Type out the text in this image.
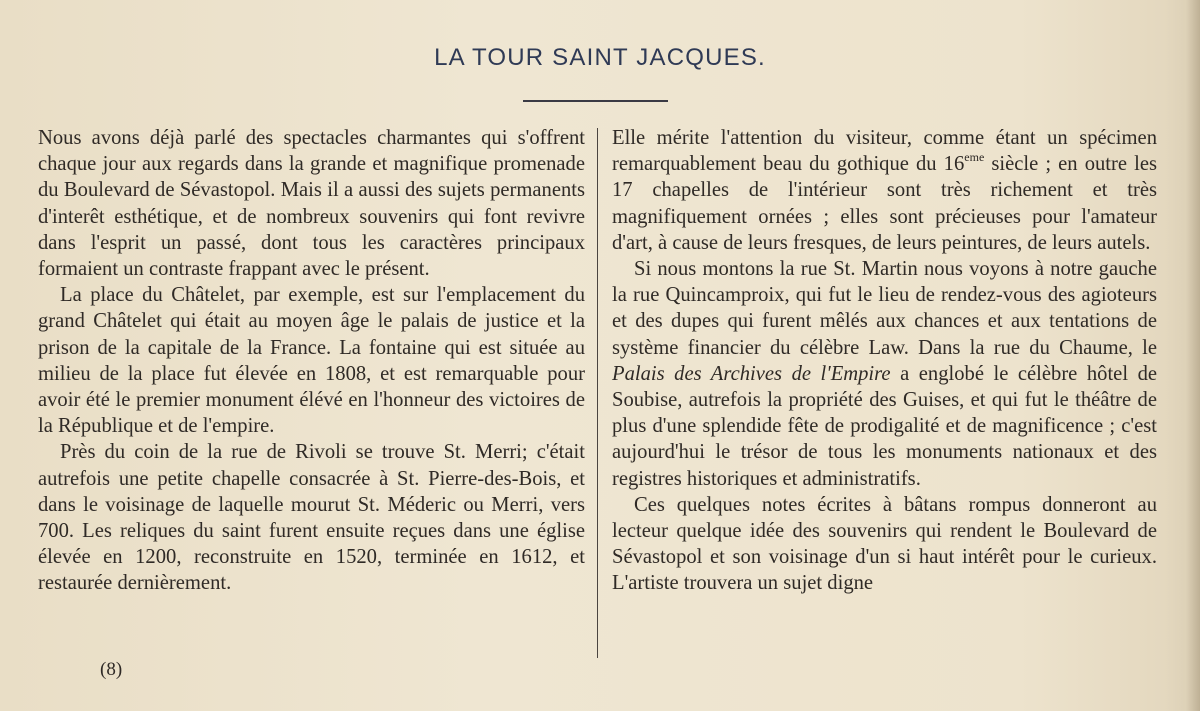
LA TOUR SAINT JACQUES.

Nous avons déjà parlé des spectacles charmantes qui s'offrent chaque jour aux regards dans la grande et magnifique promenade du Boulevard de Sévastopol. Mais il a aussi des sujets permanents d'interêt esthétique, et de nombreux souvenirs qui font revivre dans l'esprit un passé, dont tous les caractères principaux formaient un contraste frappant avec le présent.

La place du Châtelet, par exemple, est sur l'emplacement du grand Châtelet qui était au moyen âge le palais de justice et la prison de la capitale de la France. La fontaine qui est située au milieu de la place fut élevée en 1808, et est remarquable pour avoir été le premier monument élévé en l'honneur des victoires de la République et de l'empire.

Près du coin de la rue de Rivoli se trouve St. Merri; c'était autrefois une petite chapelle consacrée à St. Pierre-des-Bois, et dans le voisinage de laquelle mourut St. Méderic ou Merri, vers 700. Les reliques du saint furent ensuite reçues dans une église élevée en 1200, reconstruite en 1520, terminée en 1612, et restaurée dernièrement.

Elle mérite l'attention du visiteur, comme étant un spécimen remarquablement beau du gothique du 16eme siècle ; en outre les 17 chapelles de l'intérieur sont très richement et très magnifiquement ornées ; elles sont précieuses pour l'amateur d'art, à cause de leurs fresques, de leurs peintures, de leurs autels.

Si nous montons la rue St. Martin nous voyons à notre gauche la rue Quincamproix, qui fut le lieu de rendez-vous des agioteurs et des dupes qui furent mêlés aux chances et aux tentations de système financier du célèbre Law. Dans la rue du Chaume, le Palais des Archives de l'Empire a englobé le célèbre hôtel de Soubise, autrefois la propriété des Guises, et qui fut le théâtre de plus d'une splendide fête de prodigalité et de magnificence ; c'est aujourd'hui le trésor de tous les monuments nationaux et des registres historiques et administratifs.

Ces quelques notes écrites à bâtans rompus donneront au lecteur quelque idée des souvenirs qui rendent le Boulevard de Sévastopol et son voisinage d'un si haut intérêt pour le curieux. L'artiste trouvera un sujet digne

(8)
